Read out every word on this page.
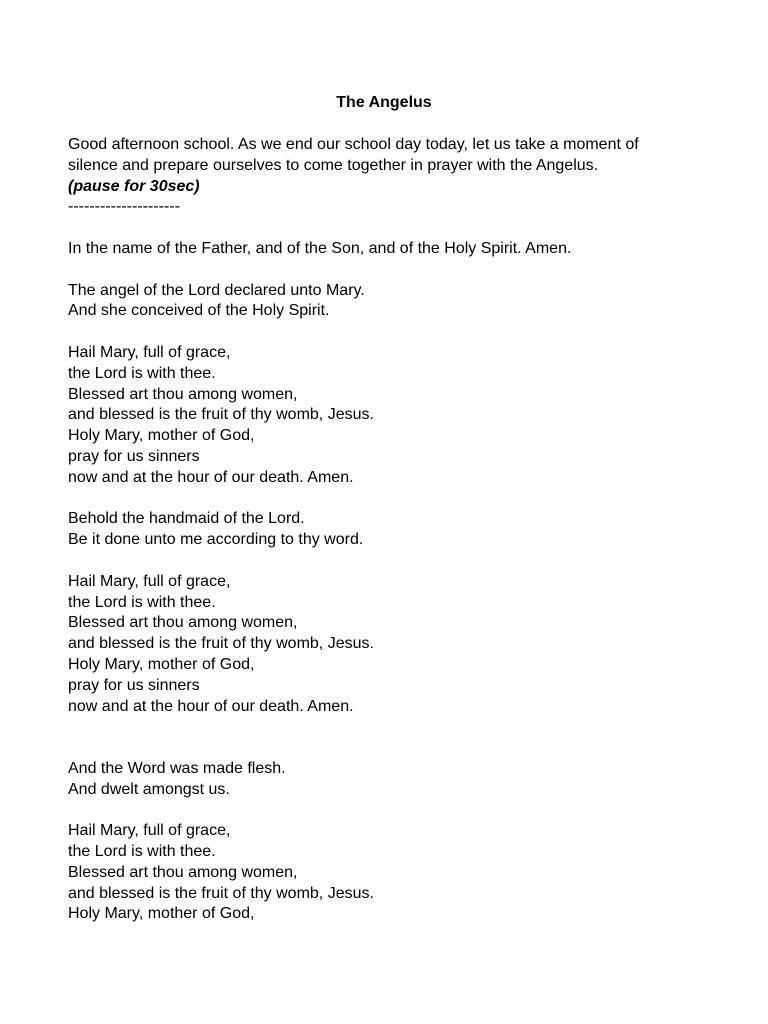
The Angelus
Good afternoon school. As we end our school day today, let us take a moment of
silence and prepare ourselves to come together in prayer with the Angelus.
(pause for 30sec)
---------------------
In the name of the Father, and of the Son, and of the Holy Spirit. Amen.
The angel of the Lord declared unto Mary.
And she conceived of the Holy Spirit.
Hail Mary, full of grace,
the Lord is with thee.
Blessed art thou among women,
and blessed is the fruit of thy womb, Jesus.
Holy Mary, mother of God,
pray for us sinners
now and at the hour of our death. Amen.
Behold the handmaid of the Lord.
Be it done unto me according to thy word.
Hail Mary, full of grace,
the Lord is with thee.
Blessed art thou among women,
and blessed is the fruit of thy womb, Jesus.
Holy Mary, mother of God,
pray for us sinners
now and at the hour of our death. Amen.
And the Word was made flesh.
And dwelt amongst us.
Hail Mary, full of grace,
the Lord is with thee.
Blessed art thou among women,
and blessed is the fruit of thy womb, Jesus.
Holy Mary, mother of God,
